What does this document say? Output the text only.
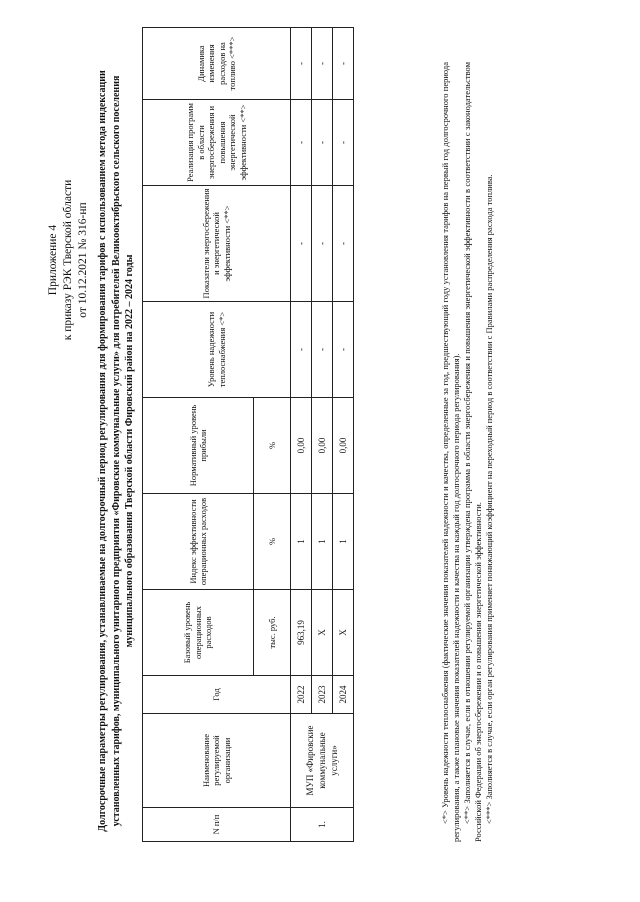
Приложение 4 к приказу РЭК Тверской области от 10.12.2021 № 316-нп Долгосрочные параметры регулирования, устанавливаемые на долгосрочный период регулирования для формирования тарифов с использованием метода индексации установленных тарифов, муниципального унитарного предприятия «Фировские коммунальные услуги» для потребителей Великооктябрьского сельского поселения муниципального образования Тверской области Фировский район на 2022 – 2024 годы
N п/п	Наименование регулируемой организации	Год	Базовый уровень операционных расходов	Индекс эффективности операционных расходов	Нормативный уровень прибыли	Уровень надежности теплоснабжения <*>	Показатели энергосбережения и энергетической эффективности <**>	Реализация программ в области энергосбережения и повышения энергетической эффективности <**>	Динамика изменения расходов на топливо <***>
			тыс. руб.	%	%				
1.	МУП «Фировские коммунальные услуги»	2022	963,19	1	0,00	-	-	-	-
		2023	Х	1	0,00	-	-	-	-
		2024	Х	1	0,00	-	-	-	-	<*> Уровень надежности теплоснабжения (фактические значения показателей надежности и качества, определенные за год, предшествующий году установления тарифов на первый год долгосрочного периода регулирования, а также плановые значения показателей надежности и качества на каждый год долгосрочного периода регулирования). <**> Заполняется в случае, если в отношении регулируемой организации утверждена программа в области энергосбережения и повышения энергетической эффективности в соответствии с законодательством Российской Федерации об энергосбережении и о повышении энергетической эффективности. <***> Заполняется в случае, если орган регулирования применяет понижающий коэффициент на переходный период в соответствии с Правилами распределения расхода топлива.
